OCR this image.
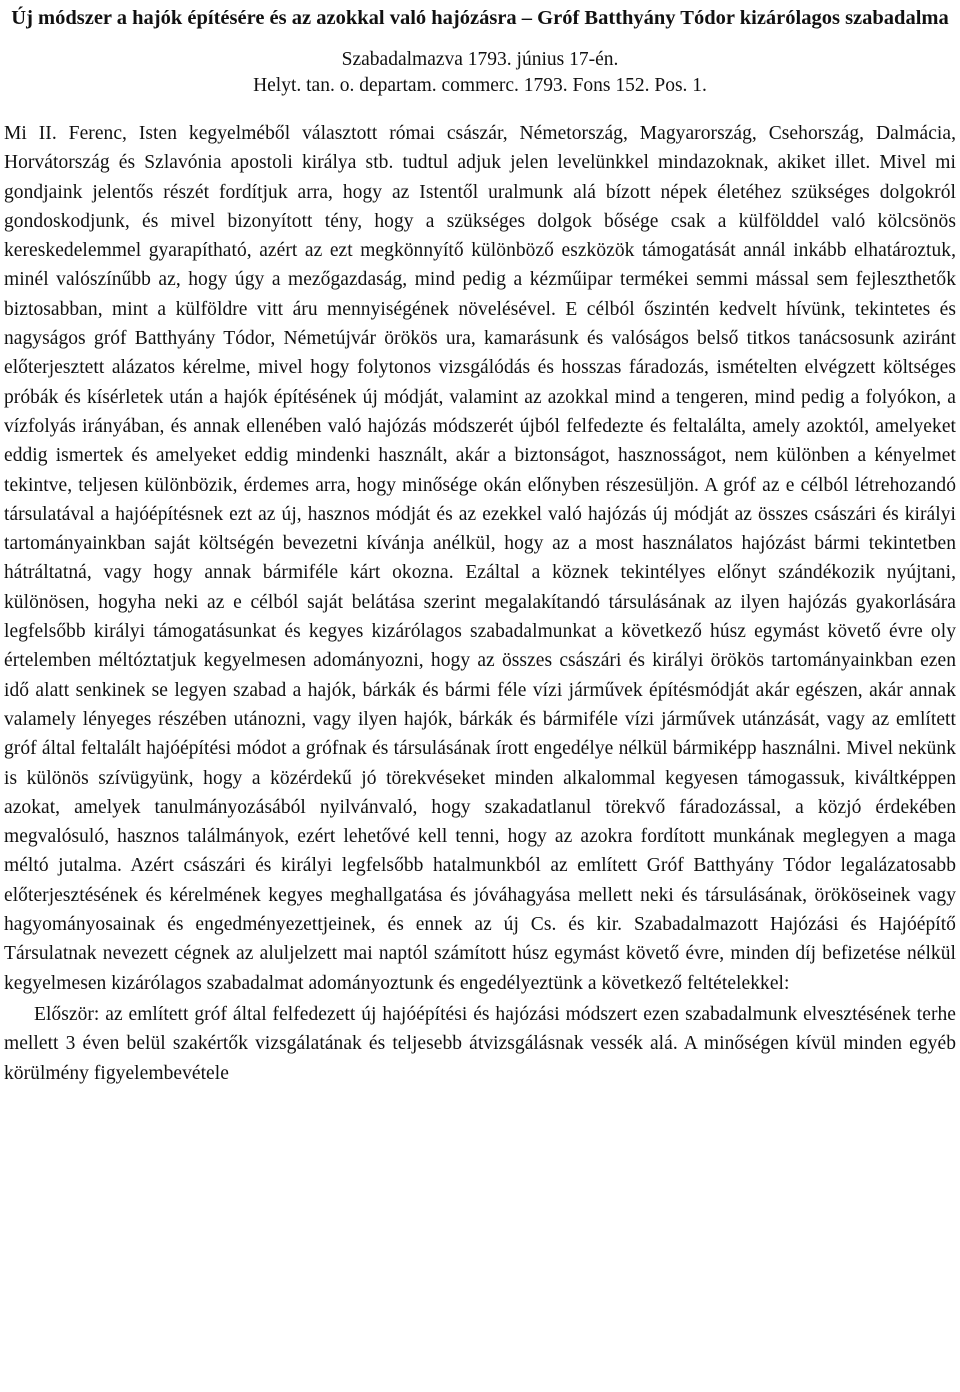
Új módszer a hajók építésére és az azokkal való hajózásra – Gróf Batthyány Tódor kizárólagos szabadalma
Szabadalmazva 1793. június 17-én.
Helyt. tan. o. departam. commerc. 1793. Fons 152. Pos. 1.

Mi II. Ferenc, Isten kegyelméből választott római császár, Németország, Magyarország, Csehország, Dalmácia, Horvátország és Szlavónia apostoli királya stb. tudtul adjuk jelen levelünkkel mindazoknak, akiket illet. Mivel mi gondjaink jelentős részét fordítjuk arra, hogy az Istentől uralmunk alá bízott népek életéhez szükséges dolgokról gondoskodjunk, és mivel bizonyított tény, hogy a szükséges dolgok bősége csak a külfölddel való kölcsönös kereskedelemmel gyarapítható, azért az ezt megkönnyítő különböző eszközök támogatását annál inkább elhatároztuk, minél valószínűbb az, hogy úgy a mezőgazdaság, mind pedig a kézműipar termékei semmi mással sem fejleszthetők biztosabban, mint a külföldre vitt áru mennyiségének növelésével. E célból őszintén kedvelt hívünk, tekintetes és nagyságos gróf Batthyány Tódor, Németújvár örökös ura, kamarásunk és valóságos belső titkos tanácsosunk aziránt előterjesztett alázatos kérelme, mivel hogy folytonos vizsgálódás és hosszas fáradozás, ismételten elvégzett költséges próbák és kísérletek után a hajók építésének új módját, valamint az azokkal mind a tengeren, mind pedig a folyókon, a vízfolyás irányában, és annak ellenében való hajózás módszerét újból felfedezte és feltalálta, amely azoktól, amelyeket eddig ismertek és amelyeket eddig mindenki használt, akár a biztonságot, hasznosságot, nem különben a kényelmet tekintve, teljesen különbözik, érdemes arra, hogy minősége okán előnyben részesüljön. A gróf az e célból létrehozandó társulatával a hajóépítésnek ezt az új, hasznos módját és az ezekkel való hajózás új módját az összes császári és királyi tartományainkban saját költségén bevezetni kívánja anélkül, hogy az a most használatos hajózást bármi tekintetben hátráltatná, vagy hogy annak bármiféle kárt okozna. Ezáltal a köznek tekintélyes előnyt szándékozik nyújtani, különösen, hogyha neki az e célból saját belátása szerint megalakítandó társulásának az ilyen hajózás gyakorlására legfelsőbb királyi támogatásunkat és kegyes kizárólagos szabadalmunkat a következő húsz egymást követő évre oly értelemben méltóztatjuk kegyelmesen adományozni, hogy az összes császári és királyi örökös tartományainkban ezen idő alatt senkinek se legyen szabad a hajók, bárkák és bármi féle vízi járművek építésmódját akár egészen, akár annak valamely lényeges részében utánozni, vagy ilyen hajók, bárkák és bármiféle vízi járművek utánzását, vagy az említett gróf által feltalált hajóépítési módot a grófnak és társulásának írott engedélye nélkül bármiképp használni. Mivel nekünk is különös szívügyünk, hogy a közérdekű jó törekvéseket minden alkalommal kegyesen támogassuk, kiváltképpen azokat, amelyek tanulmányozásából nyilvánvaló, hogy szakadatlanul törekvő fáradozással, a közjó érdekében megvalósuló, hasznos találmányok, ezért lehetővé kell tenni, hogy az azokra fordított munkának meglegyen a maga méltó jutalma. Azért császári és királyi legfelsőbb hatalmunkból az említett Gróf Batthyány Tódor legalázatosabb előterjesztésének és kérelmének kegyes meghallgatása és jóváhagyása mellett neki és társulásának, örököseinek vagy hagyományosainak és engedményezettjeinek, és ennek az új Cs. és kir. Szabadalmazott Hajózási és Hajóépítő Társulatnak nevezett cégnek az aluljelzett mai naptól számított húsz egymást követő évre, minden díj befizetése nélkül kegyelmesen kizárólagos szabadalmat adományoztunk és engedélyeztünk a következő feltételekkel:

Először: az említett gróf által felfedezett új hajóépítési és hajózási módszert ezen szabadalmunk elvesztésének terhe mellett 3 éven belül szakértők vizsgálatának és teljesebb átvizsgálásnak vessék alá. A minőségen kívül minden egyéb körülmény figyelembevétele
